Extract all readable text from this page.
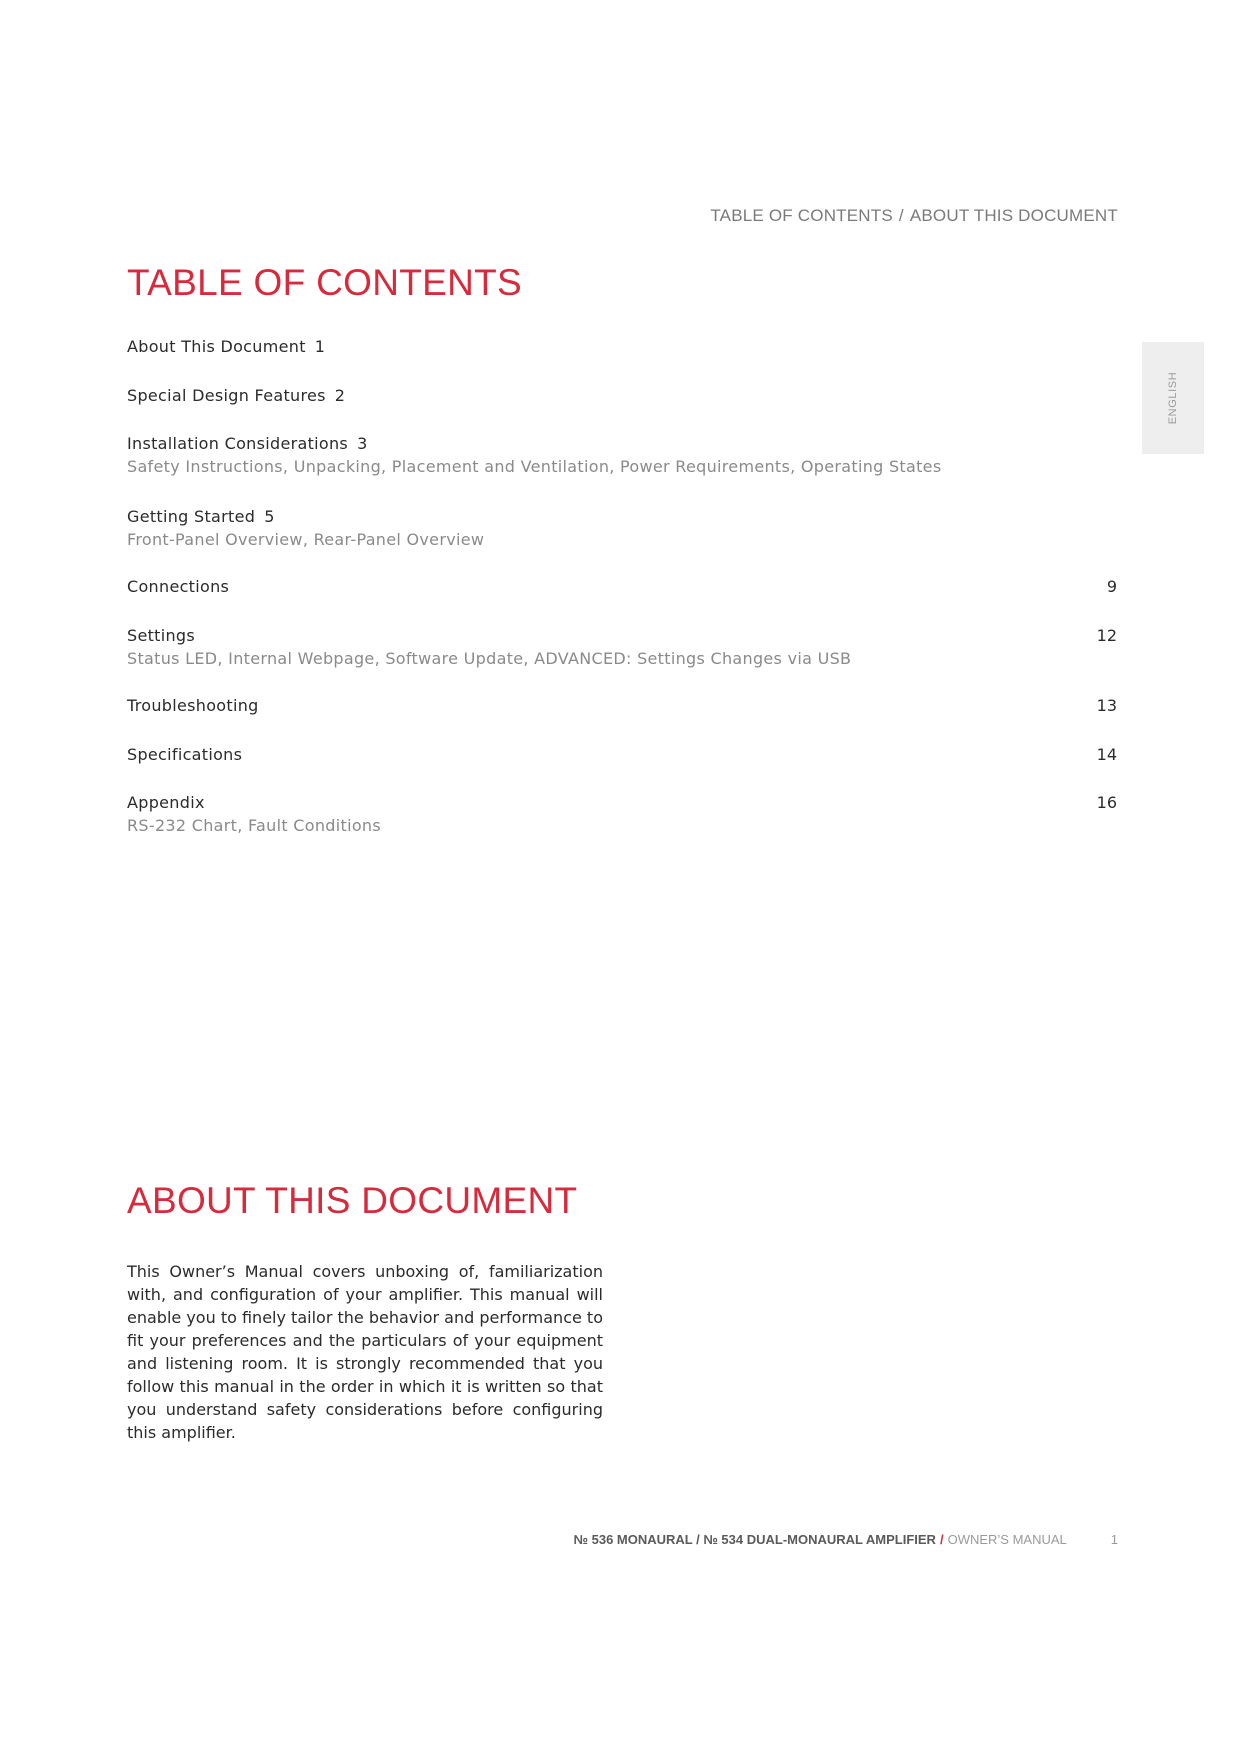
TABLE OF CONTENTS / ABOUT THIS DOCUMENT
ENGLISH
TABLE OF CONTENTS
About This Document 1
Special Design Features 2
Installation Considerations 3
Safety Instructions, Unpacking, Placement and Ventilation, Power Requirements, Operating States
Getting Started 5
Front-Panel Overview, Rear-Panel Overview
Connections	9
Settings	12
Status LED, Internal Webpage, Software Update, ADVANCED: Settings Changes via USB
Troubleshooting	13
Specifications	14
Appendix	16
RS-232 Chart, Fault Conditions
ABOUT THIS DOCUMENT

This Owner’s Manual covers unboxing of, familiarization with, and configuration of your amplifier. This manual will enable you to finely tailor the behavior and performance to fit your preferences and the particulars of your equipment and listening room. It is strongly recommended that you follow this manual in the order in which it is written so that you understand safety considerations before configuring this amplifier.

№ 536 MONAURAL / № 534 DUAL-MONAURAL AMPLIFIER / OWNER’S MANUAL	1
